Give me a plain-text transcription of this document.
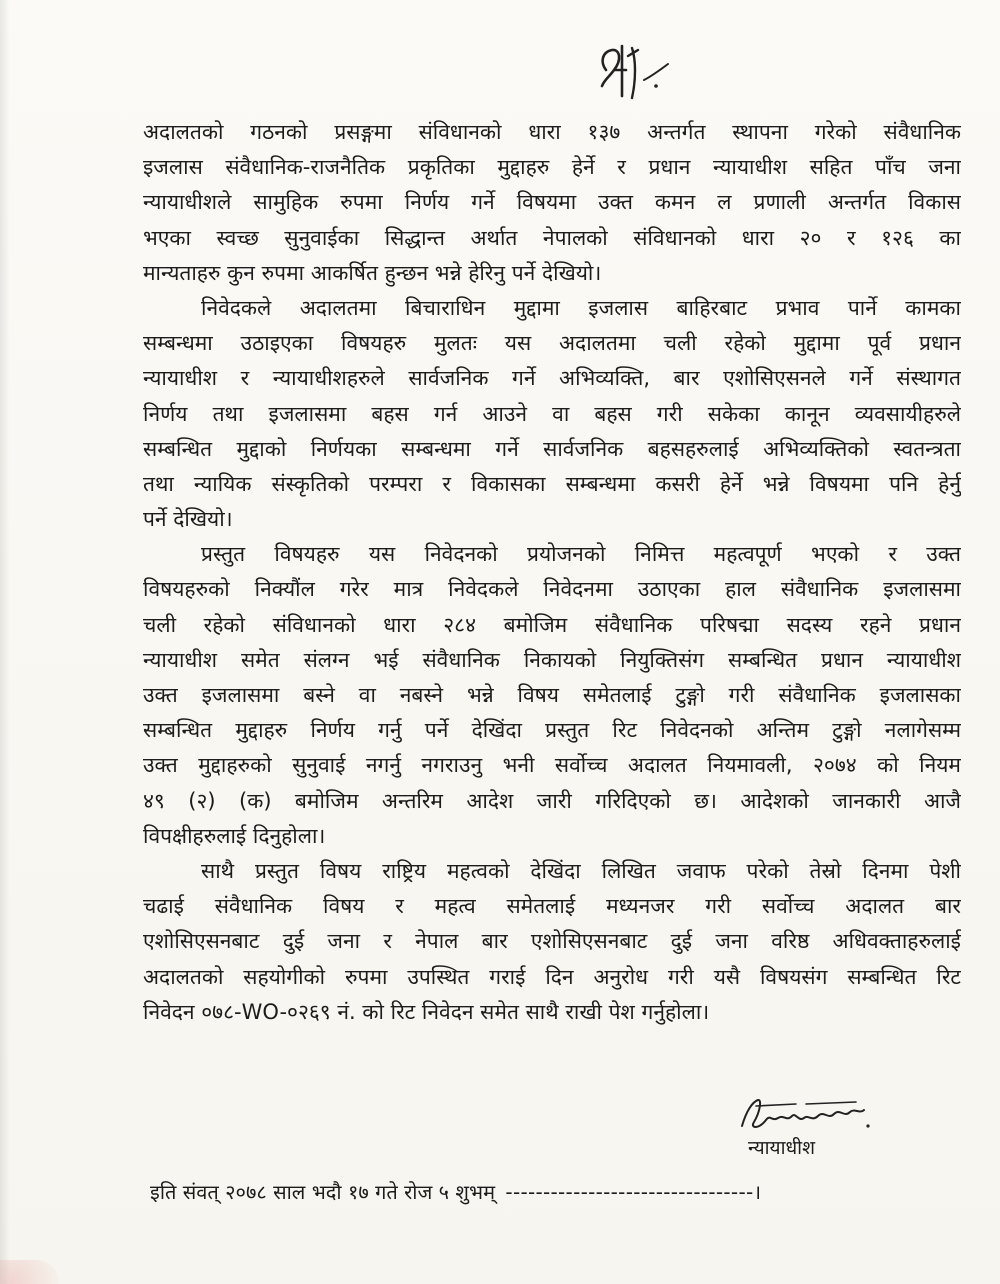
अदालतको गठनको प्रसङ्गमा संविधानको धारा १३७ अन्तर्गत स्थापना गरेको संवैधानिक
इजलास संवैधानिक-राजनैतिक प्रकृतिका मुद्दाहरु हेर्ने र प्रधान न्यायाधीश सहित पाँच जना
न्यायाधीशले सामुहिक रुपमा निर्णय गर्ने विषयमा उक्त कमन ल प्रणाली अन्तर्गत विकास
भएका स्वच्छ सुनुवाईका सिद्धान्त अर्थात नेपालको संविधानको धारा २० र १२६ का
मान्यताहरु कुन रुपमा आकर्षित हुन्छन भन्ने हेरिनु पर्ने देखियो।
निवेदकले अदालतमा बिचाराधिन मुद्दामा इजलास बाहिरबाट प्रभाव पार्ने कामका
सम्बन्धमा उठाइएका विषयहरु मुलतः यस अदालतमा चली रहेको मुद्दामा पूर्व प्रधान
न्यायाधीश र न्यायाधीशहरुले सार्वजनिक गर्ने अभिव्यक्ति, बार एशोसिएसनले गर्ने संस्थागत
निर्णय तथा इजलासमा बहस गर्न आउने वा बहस गरी सकेका कानून व्यवसायीहरुले
सम्बन्धित मुद्दाको निर्णयका सम्बन्धमा गर्ने सार्वजनिक बहसहरुलाई अभिव्यक्तिको स्वतन्त्रता
तथा न्यायिक संस्कृतिको परम्परा र विकासका सम्बन्धमा कसरी हेर्ने भन्ने विषयमा पनि हेर्नु
पर्ने देखियो।
प्रस्तुत विषयहरु यस निवेदनको प्रयोजनको निमित्त महत्वपूर्ण भएको र उक्त
विषयहरुको निक्यौंल गरेर मात्र निवेदकले निवेदनमा उठाएका हाल संवैधानिक इजलासमा
चली रहेको संविधानको धारा २८४ बमोजिम संवैधानिक परिषद्मा सदस्य रहने प्रधान
न्यायाधीश समेत संलग्न भई संवैधानिक निकायको नियुक्तिसंग सम्बन्धित प्रधान न्यायाधीश
उक्त इजलासमा बस्ने वा नबस्ने भन्ने विषय समेतलाई टुङ्गो गरी संवैधानिक इजलासका
सम्बन्धित मुद्दाहरु निर्णय गर्नु पर्ने देखिंदा प्रस्तुत रिट निवेदनको अन्तिम टुङ्गो नलागेसम्म
उक्त मुद्दाहरुको सुनुवाई नगर्नु नगराउनु भनी सर्वोच्च अदालत नियमावली, २०७४ को नियम
४९ (२) (क) बमोजिम अन्तरिम आदेश जारी गरिदिएको छ। आदेशको जानकारी आजै
विपक्षीहरुलाई दिनुहोला।
साथै प्रस्तुत विषय राष्ट्रिय महत्वको देखिंदा लिखित जवाफ परेको तेस्रो दिनमा पेशी
चढाई संवैधानिक विषय र महत्व समेतलाई मध्यनजर गरी सर्वोच्च अदालत बार
एशोसिएसनबाट दुई जना र नेपाल बार एशोसिएसनबाट दुई जना वरिष्ठ अधिवक्ताहरुलाई
अदालतको सहयोगीको रुपमा उपस्थित गराई दिन अनुरोध गरी यसै विषयसंग सम्बन्धित रिट
निवेदन ०७८-WO-०२६९ नं. को रिट निवेदन समेत साथै राखी पेश गर्नुहोला।
न्यायाधीश
इति संवत् २०७८ साल भदौ १७ गते रोज ५ शुभम् ---------------------------------।
